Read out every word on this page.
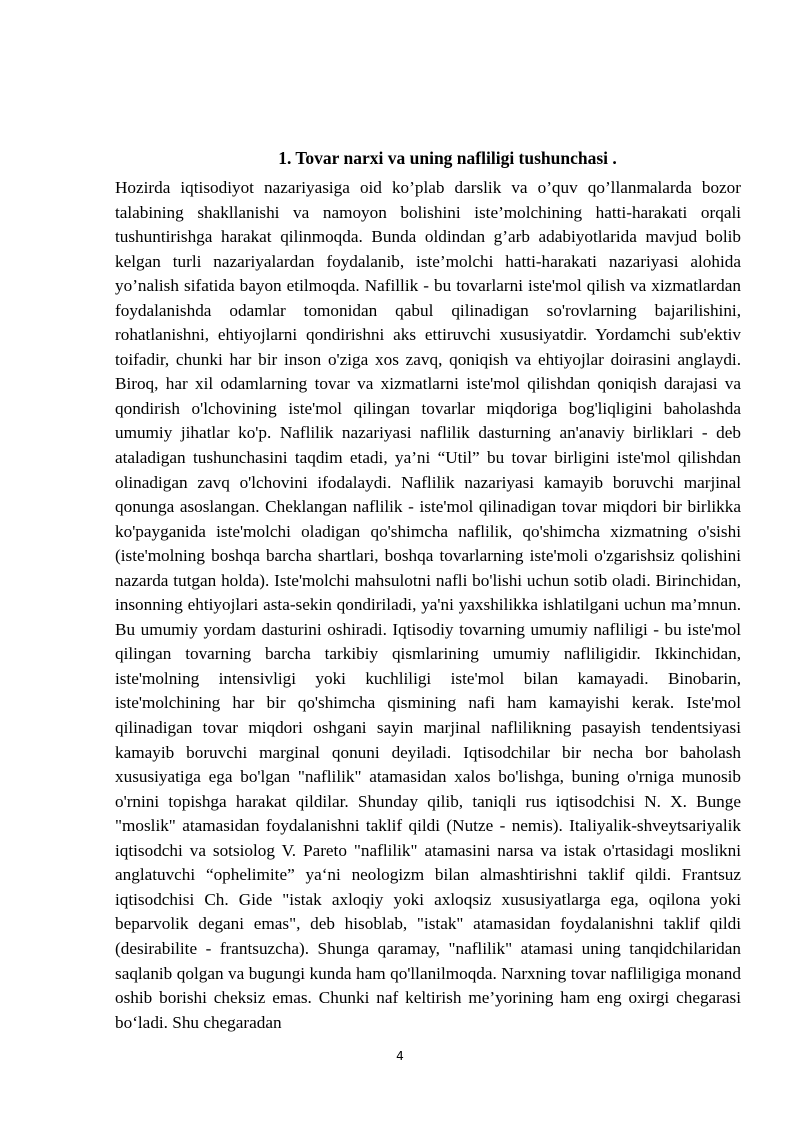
1. Tovar narxi va uning nafliligi tushunchasi .

Hozirda iqtisodiyot nazariyasiga oid ko’plab darslik va o’quv qo’llanmalarda bozor talabining shakllanishi va namoyon bolishini iste’molchining hatti-harakati orqali tushuntirishga harakat qilinmoqda. Bunda oldindan g’arb adabiyotlarida mavjud bolib kelgan turli nazariyalardan foydalanib, iste’molchi hatti-harakati nazariyasi alohida yo’nalish sifatida bayon etilmoqda. Nafillik - bu tovarlarni iste'mol qilish va xizmatlardan foydalanishda odamlar tomonidan qabul qilinadigan so'rovlarning bajarilishini, rohatlanishni, ehtiyojlarni qondirishni aks ettiruvchi xususiyatdir. Yordamchi sub'ektiv toifadir, chunki har bir inson o'ziga xos zavq, qoniqish va ehtiyojlar doirasini anglaydi. Biroq, har xil odamlarning tovar va xizmatlarni iste'mol qilishdan qoniqish darajasi va qondirish o'lchovining iste'mol qilingan tovarlar miqdoriga bog'liqligini baholashda umumiy jihatlar ko'p. Naflilik nazariyasi naflilik dasturning an'anaviy birliklari - deb ataladigan tushunchasini taqdim etadi, ya’ni “Util” bu tovar birligini iste'mol qilishdan olinadigan zavq o'lchovini ifodalaydi. Naflilik nazariyasi kamayib boruvchi marjinal qonunga asoslangan. Cheklangan naflilik - iste'mol qilinadigan tovar miqdori bir birlikka ko'payganida iste'molchi oladigan qo'shimcha naflilik, qo'shimcha xizmatning o'sishi (iste'molning boshqa barcha shartlari, boshqa tovarlarning iste'moli o'zgarishsiz qolishini nazarda tutgan holda). Iste'molchi mahsulotni nafli bo'lishi uchun sotib oladi. Birinchidan, insonning ehtiyojlari asta-sekin qondiriladi, ya'ni yaxshilikka ishlatilgani uchun ma’mnun. Bu umumiy yordam dasturini oshiradi. Iqtisodiy tovarning umumiy nafliligi - bu iste'mol qilingan tovarning barcha tarkibiy qismlarining umumiy nafliligidir. Ikkinchidan, iste'molning intensivligi yoki kuchliligi iste'mol bilan kamayadi. Binobarin, iste'molchining har bir qo'shimcha qismining nafi ham kamayishi kerak. Iste'mol qilinadigan tovar miqdori oshgani sayin marjinal naflilikning pasayish tendentsiyasi kamayib boruvchi marginal qonuni deyiladi. Iqtisodchilar bir necha bor baholash xususiyatiga ega bo'lgan "naflilik" atamasidan xalos bo'lishga, buning o'rniga munosib o'rnini topishga harakat qildilar. Shunday qilib, taniqli rus iqtisodchisi N. X. Bunge "moslik" atamasidan foydalanishni taklif qildi (Nutze - nemis). Italiyalik-shveytsariyalik iqtisodchi va sotsiolog V. Pareto "naflilik" atamasini narsa va istak o'rtasidagi moslikni anglatuvchi “ophelimite” ya‘ni neologizm bilan almashtirishni taklif qildi. Frantsuz iqtisodchisi Ch. Gide "istak axloqiy yoki axloqsiz xususiyatlarga ega, oqilona yoki beparvolik degani emas", deb hisoblab, "istak" atamasidan foydalanishni taklif qildi (desirabilite - frantsuzcha). Shunga qaramay, "naflilik" atamasi uning tanqidchilaridan saqlanib qolgan va bugungi kunda ham qo'llanilmoqda. Narxning tovar nafliligiga monand oshib borishi cheksiz emas. Chunki naf keltirish me’yorining ham eng oxirgi chegarasi bo‘ladi. Shu chegaradan

4
